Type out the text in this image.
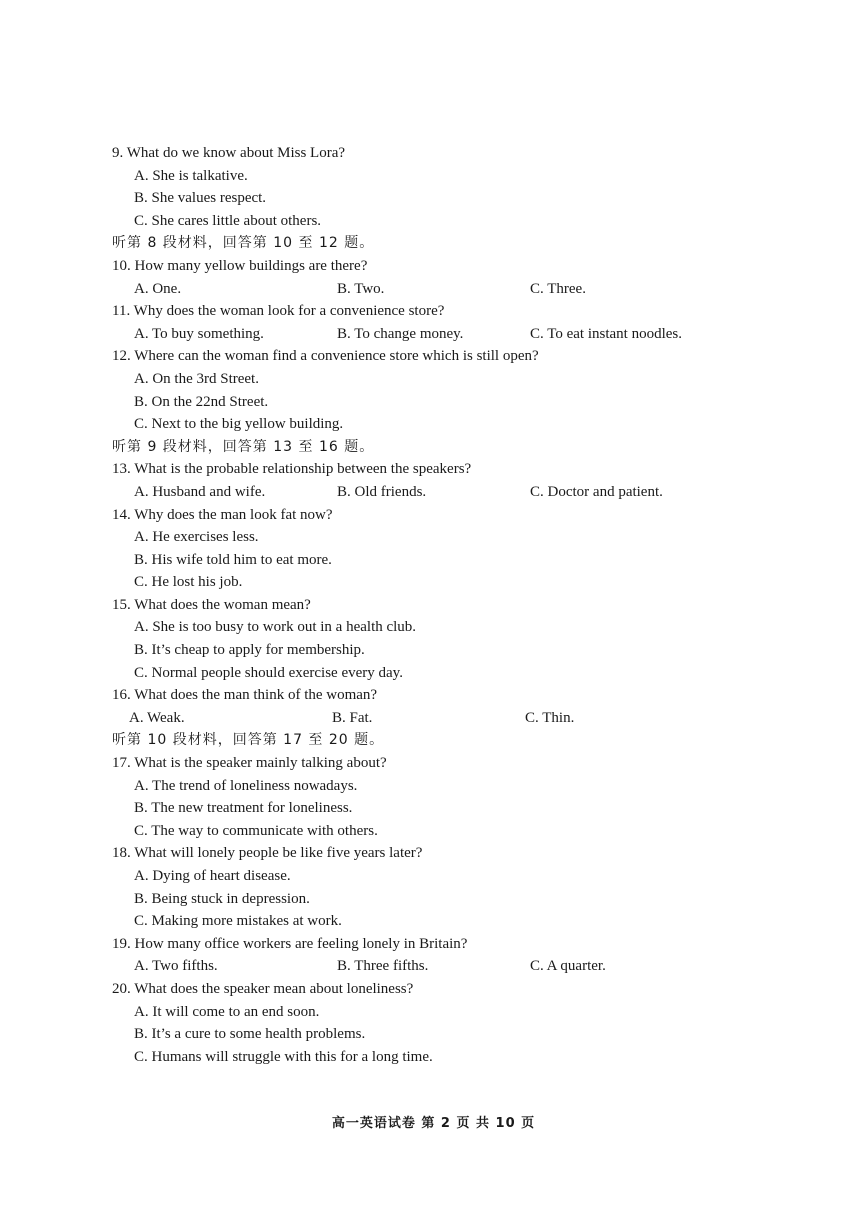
9. What do we know about Miss Lora?
A. She is talkative.
B. She values respect.
C. She cares little about others.
听第 8 段材料，回答第 10 至 12 题。
10. How many yellow buildings are there?
A. One.	B. Two.	C. Three.
11. Why does the woman look for a convenience store?
A. To buy something.	B. To change money.	C. To eat instant noodles.
12. Where can the woman find a convenience store which is still open?
A. On the 3rd Street.
B. On the 22nd Street.
C. Next to the big yellow building.
听第 9 段材料，回答第 13 至 16 题。
13. What is the probable relationship between the speakers?
A. Husband and wife.	B. Old friends.	C. Doctor and patient.
14. Why does the man look fat now?
A. He exercises less.
B. His wife told him to eat more.
C. He lost his job.
15. What does the woman mean?
A. She is too busy to work out in a health club.
B. It’s cheap to apply for membership.
C. Normal people should exercise every day.
16. What does the man think of the woman?
A. Weak.	B. Fat.	C. Thin.
听第 10 段材料，回答第 17 至 20 题。
17. What is the speaker mainly talking about?
A. The trend of loneliness nowadays.
B. The new treatment for loneliness.
C. The way to communicate with others.
18. What will lonely people be like five years later?
A. Dying of heart disease.
B. Being stuck in depression.
C. Making more mistakes at work.
19. How many office workers are feeling lonely in Britain?
A. Two fifths.	B. Three fifths.	C. A quarter.
20. What does the speaker mean about loneliness?
A. It will come to an end soon.
B. It’s a cure to some health problems.
C. Humans will struggle with this for a long time.
高一英语试卷 第 2 页 共 10 页
